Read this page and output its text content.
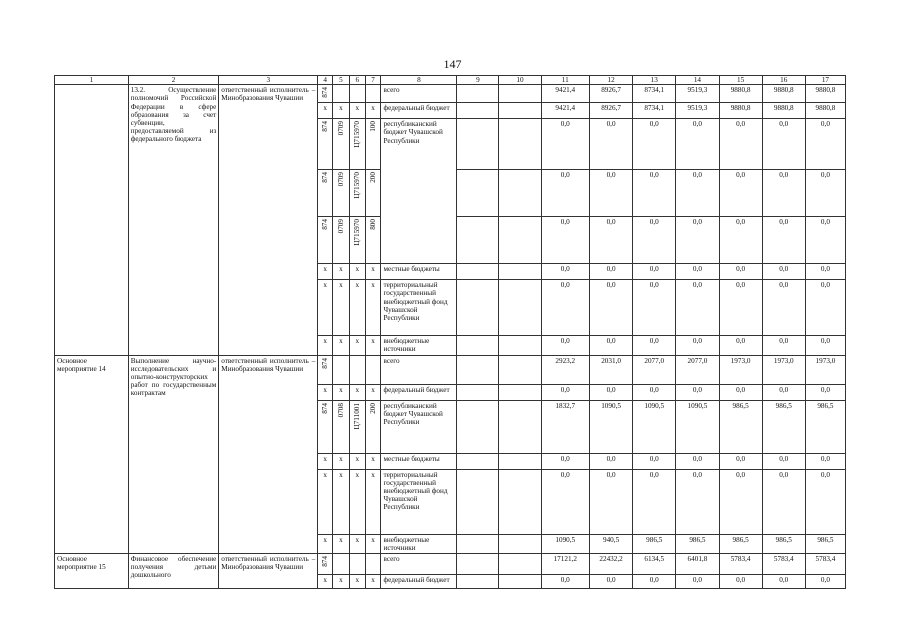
147
1	2	3	4	5	6	7	8	9	10	11	12	13	14	15	16	17
	13.2. Осуществление полномочий Российской Федерации в сфере образования за счет субвенции, предоставляемой из федерального бюджета	ответственный исполнитель – Минобразования Чувашии	874				всего			9421,4	8926,7	8734,1	9519,3	9880,8	9880,8	9880,8
			x	x	x	x	федеральный бюджет			9421,4	8926,7	8734,1	9519,3	9880,8	9880,8	9880,8

			874	0709	Ц715970	100	республиканский бюджет Чувашской Республики			0,0	0,0	0,0	0,0	0,0	0,0	0,0

			874	0709	Ц715970	200				0,0	0,0	0,0	0,0	0,0	0,0	0,0

			874	0709	Ц715970	800				0,0	0,0	0,0	0,0	0,0	0,0	0,0
			x	x	x	x	местные бюджеты			0,0	0,0	0,0	0,0	0,0	0,0	0,0
			x	x	x	x	территориальный государственный внебюджетный фонд Чувашской Республики			0,0	0,0	0,0	0,0	0,0	0,0	0,0
			x	x	x	x	внебюджетные источники			0,0	0,0	0,0	0,0	0,0	0,0	0,0
Основное мероприятие 14	Выполнение научно-исследовательских и опытно-конструкторских работ по государственным контрактам	ответственный исполнитель – Минобразования Чувашии	874				всего			2923,2	2031,0	2077,0	2077,0	1973,0	1973,0	1973,0
			x	x	x	x	федеральный бюджет			0,0	0,0	0,0	0,0	0,0	0,0	0,0

			874	0708	Ц711001	200	республиканский бюджет Чувашской Республики			1832,7	1090,5	1090,5	1090,5	986,5	986,5	986,5
			x	x	x	x	местные бюджеты			0,0	0,0	0,0	0,0	0,0	0,0	0,0
			x	x	x	x	территориальный государственный внебюджетный фонд Чувашской Республики			0,0	0,0	0,0	0,0	0,0	0,0	0,0
			x	x	x	x	внебюджетные источники			1090,5	940,5	986,5	986,5	986,5	986,5	986,5
Основное мероприятие 15	Финансовое обеспечение получения детьми дошкольного	ответственный исполнитель – Минобразования Чувашии	874				всего			17121,2	22432,2	6134,5	6401,8	5783,4	5783,4	5783,4
			x	x	x	x	федеральный бюджет			0,0	0,0	0,0	0,0	0,0	0,0	0,0
